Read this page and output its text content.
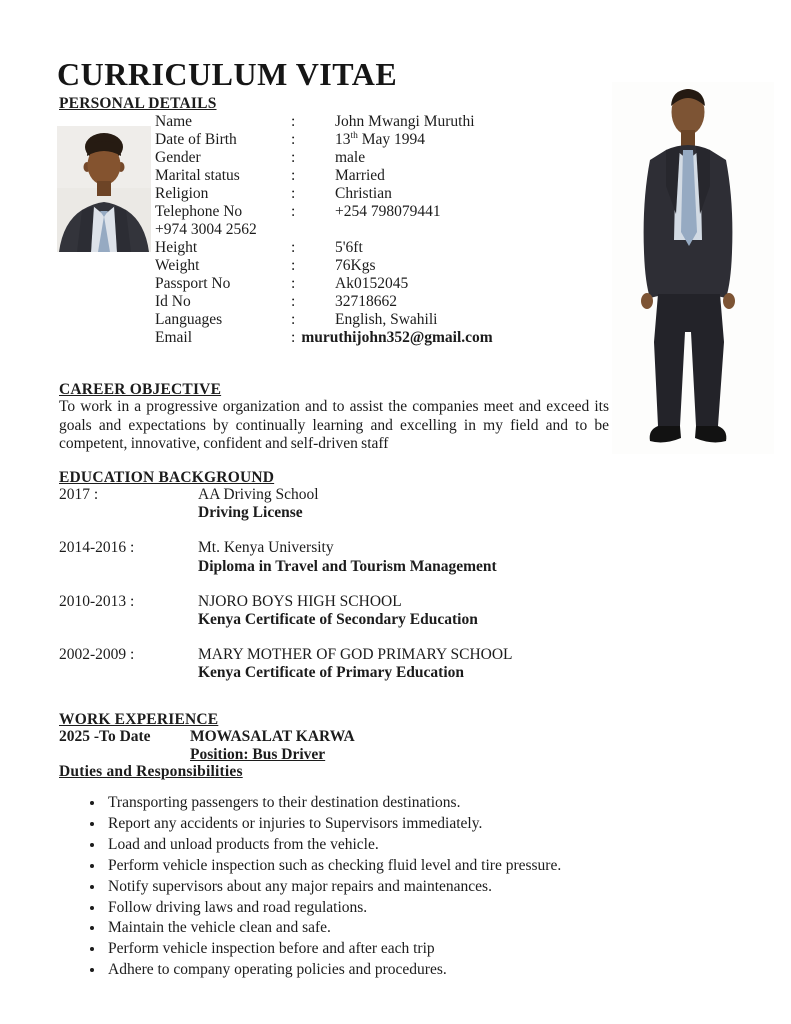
CURRICULUM VITAE
PERSONAL DETAILS
Name	:	John Mwangi Muruthi
Date of Birth	:	13th May 1994
Gender	:	male
Marital status	:	Married
Religion	:	Christian
Telephone No	:	+254 798079441
+974 3004 2562
Height	:	5'6ft
Weight	:	76Kgs
Passport No	:	Ak0152045
Id No	:	32718662
Languages	:	English, Swahili
Email	: muruthijohn352@gmail.com
CAREER OBJECTIVE

To work in a progressive organization and to assist the companies meet and exceed its goals and expectations by continually learning and excelling in my field and to be competent, innovative, confident and self-driven staff

EDUCATION BACKGROUND
2017 :	AA Driving School
Driving License
2014-2016 :	Mt. Kenya University
Diploma in Travel and Tourism Management
2010-2013 :	NJORO BOYS HIGH SCHOOL
Kenya Certificate of Secondary Education
2002-2009 :	MARY MOTHER OF GOD PRIMARY SCHOOL
Kenya Certificate of Primary Education
WORK EXPERIENCE
2025 -To Date	MOWASALAT KARWA
Position: Bus Driver
Duties and Responsibilities
• Transporting passengers to their destination destinations.
• Report any accidents or injuries to Supervisors immediately.
• Load and unload products from the vehicle.
• Perform vehicle inspection such as checking fluid level and tire pressure.
• Notify supervisors about any major repairs and maintenances.
• Follow driving laws and road regulations.
• Maintain the vehicle clean and safe.
• Perform vehicle inspection before and after each trip
• Adhere to company operating policies and procedures.
